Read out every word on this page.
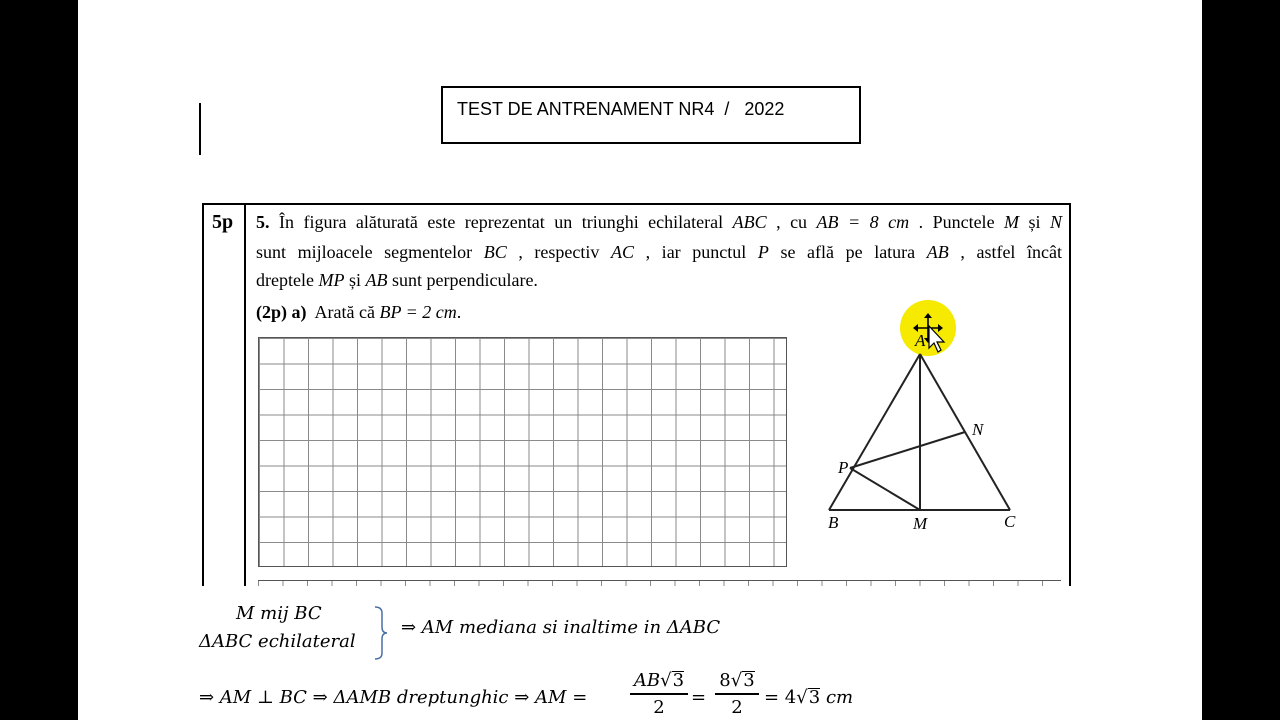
TEST DE ANTRENAMENT NR4  /   2022
5p 5. În figura alăturată este reprezentat un triunghi echilateral ABC , cu AB = 8 cm . Punctele M și N
sunt mijloacele segmentelor BC , respectiv AC , iar punctul P se află pe latura AB , astfel încât
dreptele MP și AB sunt perpendiculare.
(2p) a) Arată că BP = 2 cm.
A
B	M	C
N
P
M mij BC
ΔABC echilateral
⇒ AM mediana si inaltime in ΔABC
⇒ AM ⊥ BC ⇒ ΔAMB dreptunghic ⇒ AM =
AB√3
2	=
8√3
2	= 4√3 cm
